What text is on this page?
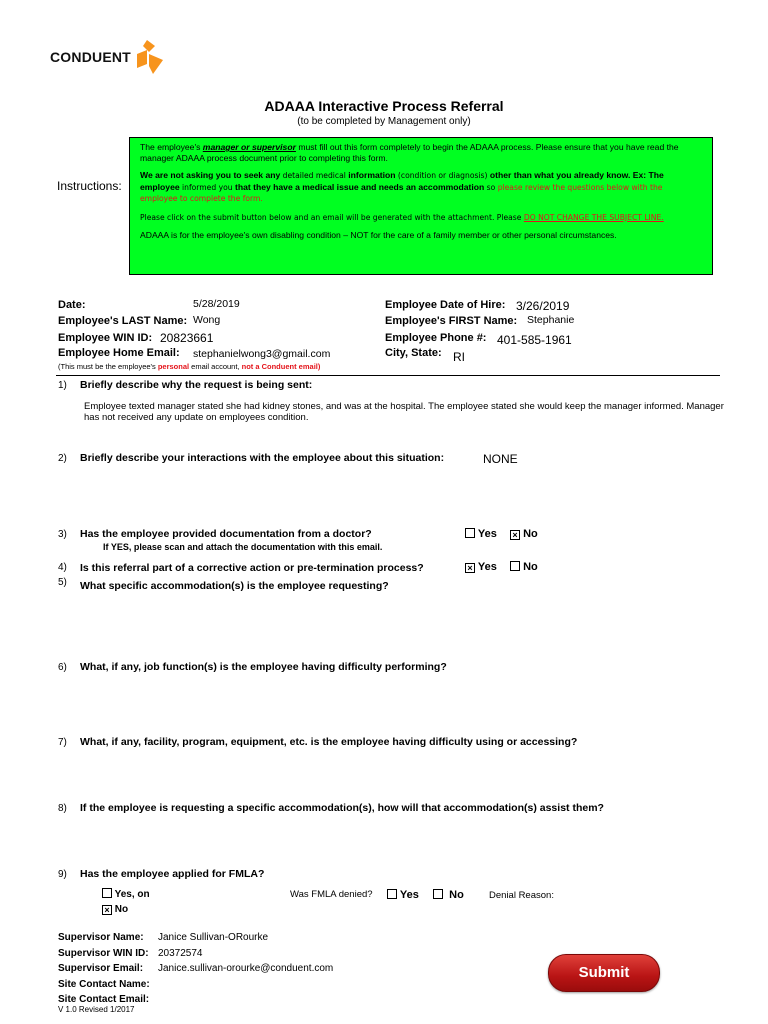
CONDUENT
ADAAA Interactive Process Referral
(to be completed by Management only)
Instructions:

The employee's manager or supervisor must fill out this form completely to begin the ADAAA process. Please ensure that you have read the manager ADAAA process document prior to completing this form.

We are not asking you to seek any detailed medical information (condition or diagnosis) other than what you already know. Ex: The employee informed you that they have a medical issue and needs an accommodation so please review the questions below with the employee to complete the form.

Please click on the submit button below and an email will be generated with the attachment. Please DO NOT CHANGE THE SUBJECT LINE.

ADAAA is for the employee's own disabling condition – NOT for the care of a family member or other personal circumstances.

Date:	5/28/2019
Employee's LAST Name: Wong
Employee WIN ID: 20823661
Employee Home Email: stephanielwong3@gmail.com
(This must be the employee's personal email account, not a Conduent email)
Employee Date of Hire: 3/26/2019
Employee's FIRST Name: Stephanie
Employee Phone #: 401-585-1961
City, State: RI
1) Briefly describe why the request is being sent:
Employee texted manager stated she had kidney stones, and was at the hospital. The employee stated she would keep the manager informed. Manager has not received any update on employees condition.
2) Briefly describe your interactions with the employee about this situation:	NONE
3) Has the employee provided documentation from a doctor?
If YES, please scan and attach the documentation with this email.
Yes × No
4) Is this referral part of a corrective action or pre-termination process?	× Yes	No
5) What specific accommodation(s) is the employee requesting?
6) What, if any, job function(s) is the employee having difficulty performing?
7) What, if any, facility, program, equipment, etc. is the employee having difficulty using or accessing?
8) If the employee is requesting a specific accommodation(s), how will that accommodation(s) assist them?
9) Has the employee applied for FMLA?
Yes, on
× No
Was FMLA denied?	Yes	No	Denial Reason:
Supervisor Name: Janice Sullivan-ORourke
Supervisor WIN ID: 20372574
Supervisor Email: Janice.sullivan-orourke@conduent.com
Site Contact Name:
Site Contact Email:
V 1.0 Revised 1/2017
Submit
